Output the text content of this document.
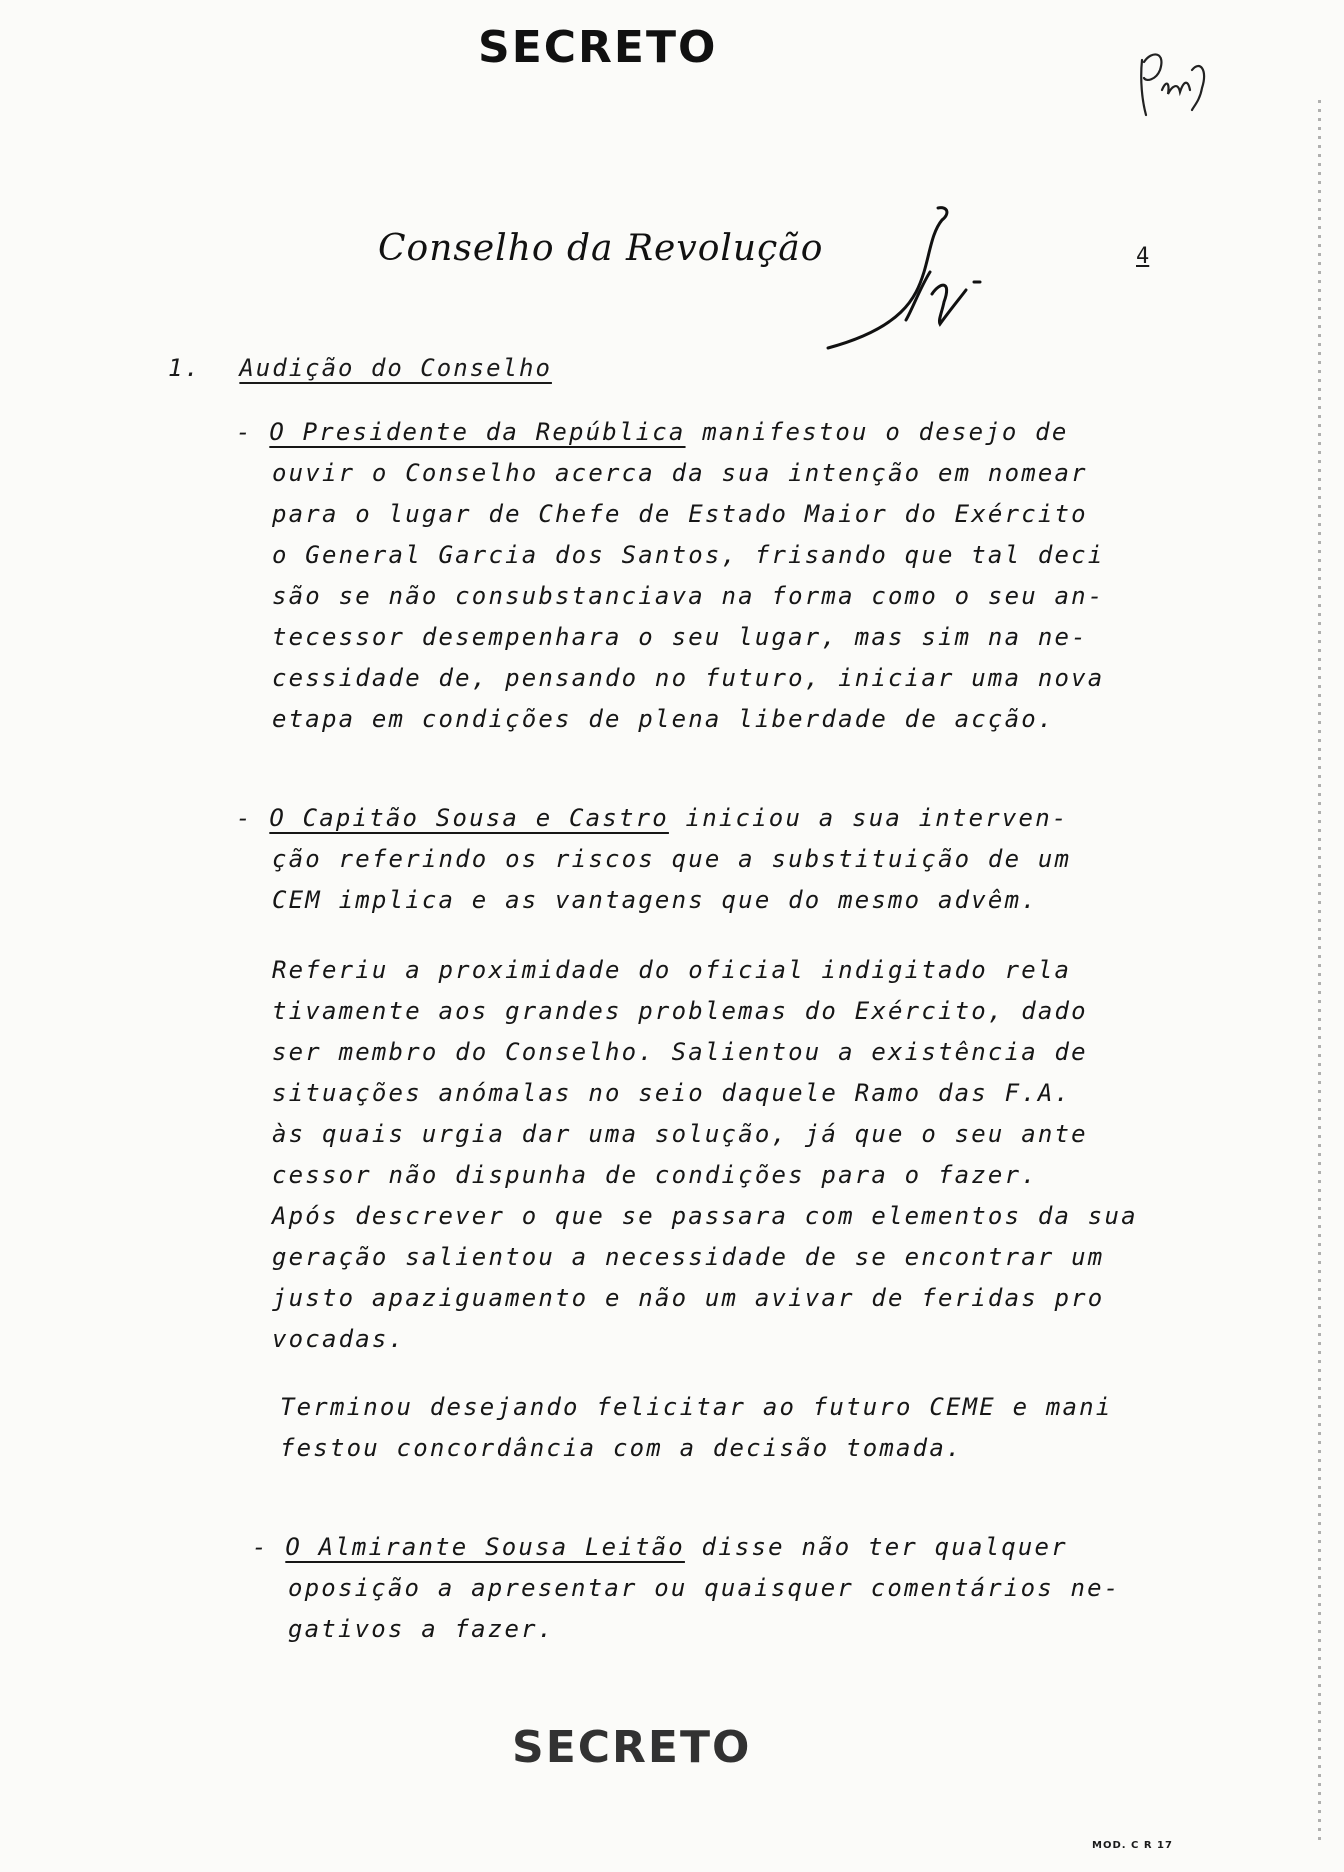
SECRETO
Conselho da Revolução	4
1. Audição do Conselho
- O Presidente da República manifestou o desejo de
ouvir o Conselho acerca da sua intenção em nomear
para o lugar de Chefe de Estado Maior do Exército
o General Garcia dos Santos, frisando que tal deci
são se não consubstanciava na forma como o seu an-
tecessor desempenhara o seu lugar, mas sim na ne-
cessidade de, pensando no futuro, iniciar uma nova
etapa em condições de plena liberdade de acção.
- O Capitão Sousa e Castro iniciou a sua interven-
ção referindo os riscos que a substituição de um
CEM implica e as vantagens que do mesmo advêm.
Referiu a proximidade do oficial indigitado rela
tivamente aos grandes problemas do Exército, dado
ser membro do Conselho. Salientou a existência de
situações anómalas no seio daquele Ramo das F.A.
às quais urgia dar uma solução, já que o seu ante
cessor não dispunha de condições para o fazer.
Após descrever o que se passara com elementos da sua
geração salientou a necessidade de se encontrar um
justo apaziguamento e não um avivar de feridas pro
vocadas.
Terminou desejando felicitar ao futuro CEME e mani
festou concordância com a decisão tomada.
- O Almirante Sousa Leitão disse não ter qualquer
oposição a apresentar ou quaisquer comentários ne-
gativos a fazer.
SECRETO
MOD. C R 17
